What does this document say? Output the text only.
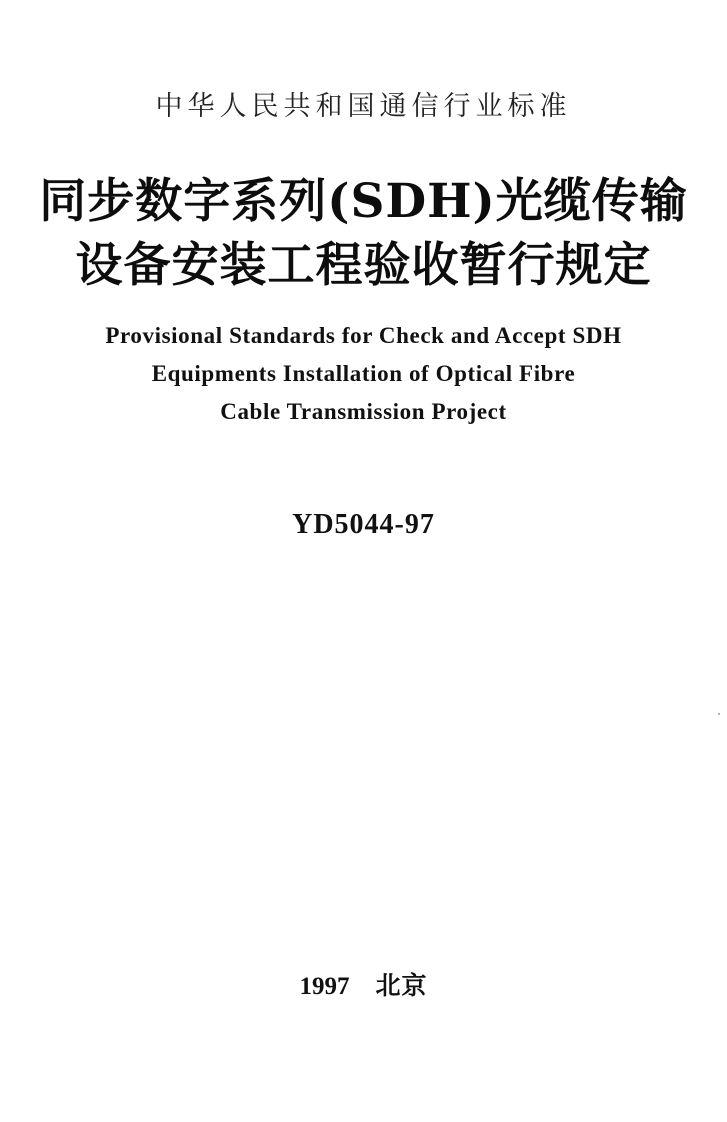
中华人民共和国通信行业标准
同步数字系列(SDH)光缆传输
设备安装工程验收暂行规定
Provisional Standards for Check and Accept SDH
Equipments Installation of Optical Fibre
Cable Transmission Project
YD5044-97
1997 北京
